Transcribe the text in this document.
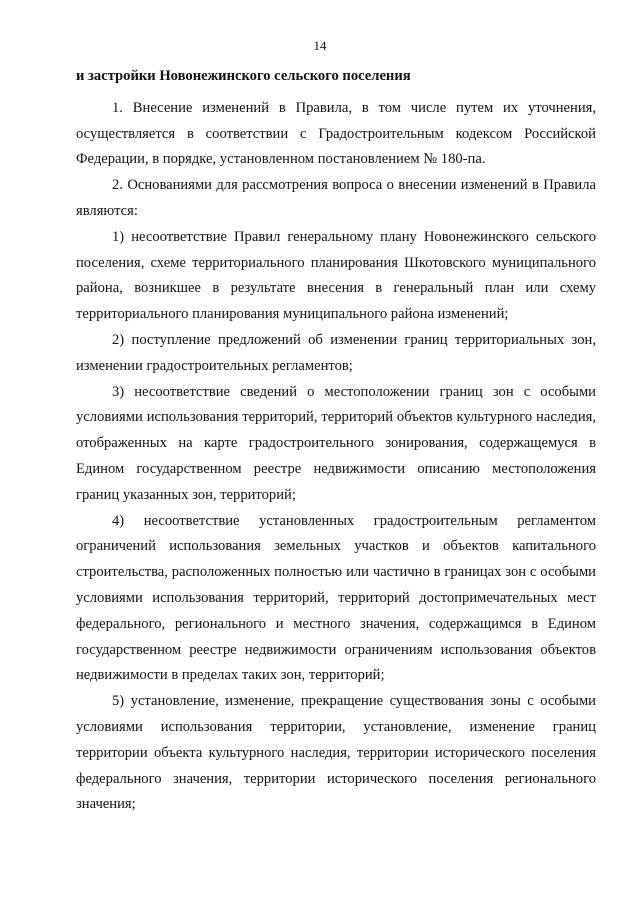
14

и застройки Новонежинского сельского поселения

1. Внесение изменений в Правила, в том числе путем их уточнения, осуществляется в соответствии с Градостроительным кодексом Российской Федерации, в порядке, установленном постановлением № 180-па.

2. Основаниями для рассмотрения вопроса о внесении изменений в Правила являются:

1) несоответствие Правил генеральному плану Новонежинского сельского поселения, схеме территориального планирования Шкотовского муниципального района, возникшее в результате внесения в генеральный план или схему территориального планирования муниципального района изменений;

2) поступление предложений об изменении границ территориальных зон, изменении градостроительных регламентов;

3) несоответствие сведений о местоположении границ зон с особыми условиями использования территорий, территорий объектов культурного наследия, отображенных на карте градостроительного зонирования, содержащемуся в Едином государственном реестре недвижимости описанию местоположения границ указанных зон, территорий;

4) несоответствие установленных градостроительным регламентом ограничений использования земельных участков и объектов капитального строительства, расположенных полностью или частично в границах зон с особыми условиями использования территорий, территорий достопримечательных мест федерального, регионального и местного значения, содержащимся в Едином государственном реестре недвижимости ограничениям использования объектов недвижимости в пределах таких зон, территорий;

5) установление, изменение, прекращение существования зоны с особыми условиями использования территории, установление, изменение границ территории объекта культурного наследия, территории исторического поселения федерального значения, территории исторического поселения регионального значения;
